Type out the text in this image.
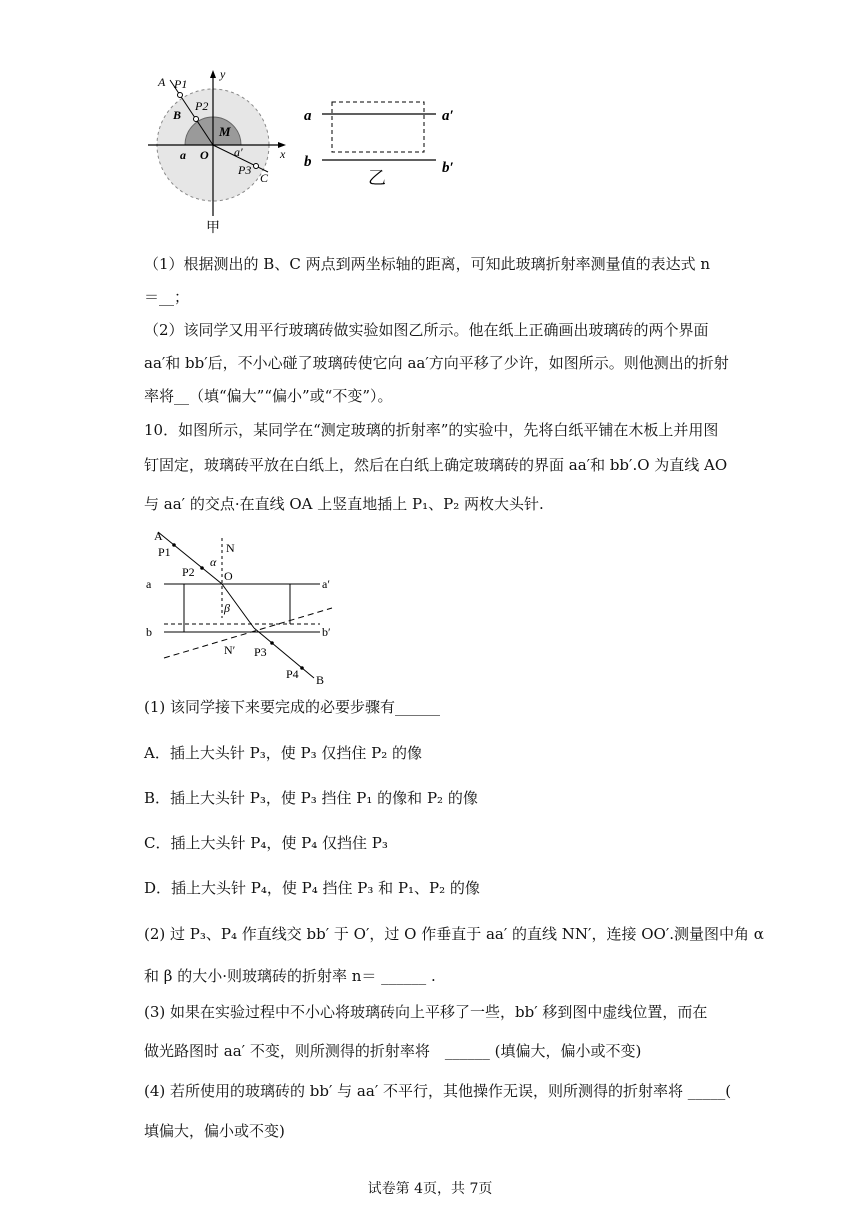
A P1
B
P2
M
y
a O a′	x
P3
C
甲
a	a′
b	b′
乙
（1）根据测出的 B、C 两点到两坐标轴的距离，可知此玻璃折射率测量值的表达式 n
＝__；
（2）该同学又用平行玻璃砖做实验如图乙所示。他在纸上正确画出玻璃砖的两个界面
aa′和 bb′后，不小心碰了玻璃砖使它向 aa′方向平移了少许，如图所示。则他测出的折射
率将__（填“偏大”“偏小”或“不变”）。
10．如图所示，某同学在“测定玻璃的折射率”的实验中，先将白纸平铺在木板上并用图
钉固定，玻璃砖平放在白纸上，然后在白纸上确定玻璃砖的界面 aa′和 bb′.O 为直线 AO
与 aa′ 的交点·在直线 OA 上竖直地插上 P₁、P₂ 两枚大头针.
A
P1	N
α
P2 O
a	a′
β
b	b′
N′ P3
P4 B
(1) 该同学接下来要完成的必要步骤有______
A．插上大头针 P₃，使 P₃ 仅挡住 P₂ 的像
B．插上大头针 P₃，使 P₃ 挡住 P₁ 的像和 P₂ 的像
C．插上大头针 P₄，使 P₄ 仅挡住 P₃
D．插上大头针 P₄，使 P₄ 挡住 P₃ 和 P₁、P₂ 的像
(2) 过 P₃、P₄ 作直线交 bb′ 于 O′，过 O 作垂直于 aa′ 的直线 NN′，连接 OO′.测量图中角 α
和 β 的大小·则玻璃砖的折射率 n＝ ______ .
(3) 如果在实验过程中不小心将玻璃砖向上平移了一些，bb′ 移到图中虚线位置，而在
做光路图时 aa′ 不变，则所测得的折射率将　______ (填偏大，偏小或不变)
(4) 若所使用的玻璃砖的 bb′ 与 aa′ 不平行，其他操作无误，则所测得的折射率将 _____(
填偏大，偏小或不变)
试卷第 4页，共 7页
